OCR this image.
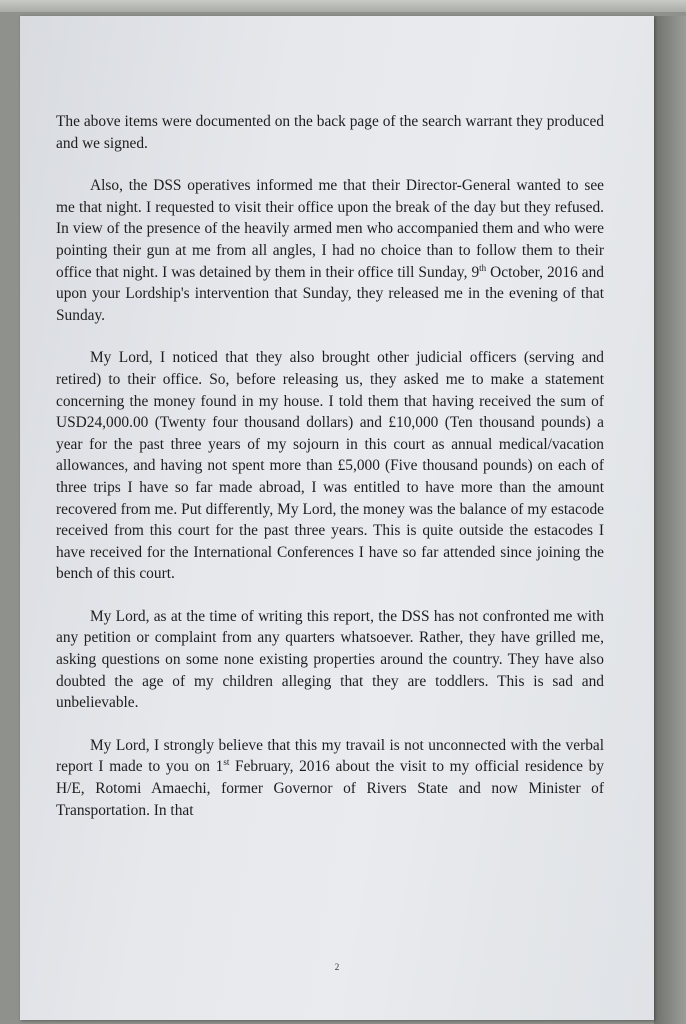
The above items were documented on the back page of the search warrant they produced and we signed.

Also, the DSS operatives informed me that their Director-General wanted to see me that night. I requested to visit their office upon the break of the day but they refused. In view of the presence of the heavily armed men who accompanied them and who were pointing their gun at me from all angles, I had no choice than to follow them to their office that night. I was detained by them in their office till Sunday, 9th October, 2016 and upon your Lordship's intervention that Sunday, they released me in the evening of that Sunday.

My Lord, I noticed that they also brought other judicial officers (serving and retired) to their office. So, before releasing us, they asked me to make a statement concerning the money found in my house. I told them that having received the sum of USD24,000.00 (Twenty four thousand dollars) and £10,000 (Ten thousand pounds) a year for the past three years of my sojourn in this court as annual medical/vacation allowances, and having not spent more than £5,000 (Five thousand pounds) on each of three trips I have so far made abroad, I was entitled to have more than the amount recovered from me. Put differently, My Lord, the money was the balance of my estacode received from this court for the past three years. This is quite outside the estacodes I have received for the International Conferences I have so far attended since joining the bench of this court.

My Lord, as at the time of writing this report, the DSS has not confronted me with any petition or complaint from any quarters whatsoever. Rather, they have grilled me, asking questions on some none existing properties around the country. They have also doubted the age of my children alleging that they are toddlers. This is sad and unbelievable.

My Lord, I strongly believe that this my travail is not unconnected with the verbal report I made to you on 1st February, 2016 about the visit to my official residence by H/E, Rotomi Amaechi, former Governor of Rivers State and now Minister of Transportation. In that

2
